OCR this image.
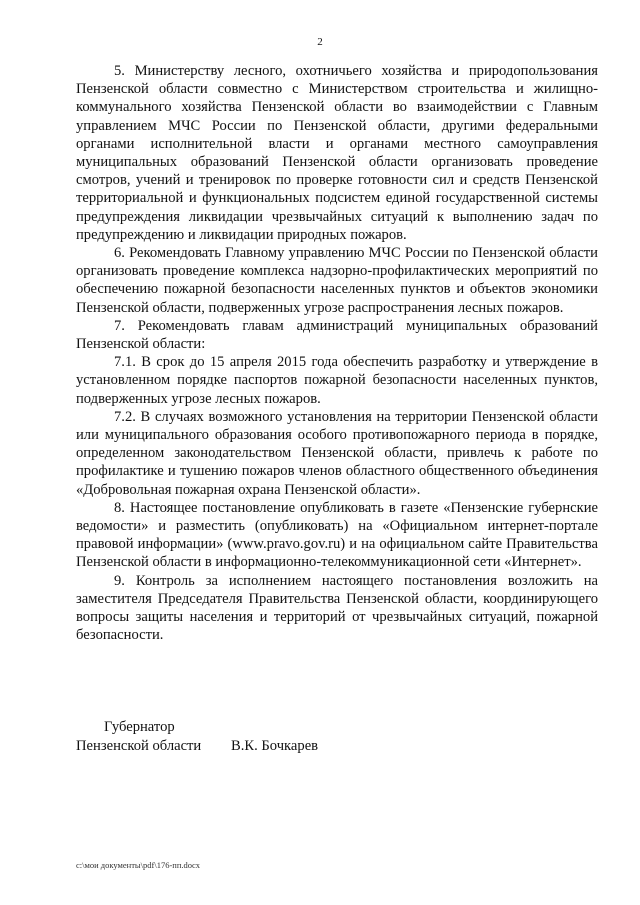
2

5. Министерству лесного, охотничьего хозяйства и природопользования Пензенской области совместно с Министерством строительства и жилищно-коммунального хозяйства Пензенской области во взаимодействии с Главным управлением МЧС России по Пензенской области, другими федеральными органами исполнительной власти и органами местного самоуправления муниципальных образований Пензенской области организовать проведение смотров, учений и тренировок по проверке готовности сил и средств Пензенской территориальной и функциональных подсистем единой государственной системы предупреждения ликвидации чрезвычайных ситуаций к выполнению задач по предупреждению и ликвидации природных пожаров.

6. Рекомендовать Главному управлению МЧС России по Пензенской области организовать проведение комплекса надзорно-профилактических мероприятий по обеспечению пожарной безопасности населенных пунктов и объектов экономики Пензенской области, подверженных угрозе распространения лесных пожаров.

7. Рекомендовать главам администраций муниципальных образований Пензенской области:

7.1. В срок до 15 апреля 2015 года обеспечить разработку и утверждение в установленном порядке паспортов пожарной безопасности населенных пунктов, подверженных угрозе лесных пожаров.

7.2. В случаях возможного установления на территории Пензенской области или муниципального образования особого противопожарного периода в порядке, определенном законодательством Пензенской области, привлечь к работе по профилактике и тушению пожаров членов областного общественного объединения «Добровольная пожарная охрана Пензенской области».

8. Настоящее постановление опубликовать в газете «Пензенские губернские ведомости» и разместить (опубликовать) на «Официальном интернет-портале правовой информации» (www.pravo.gov.ru) и на официальном сайте Правительства Пензенской области в информационно-телекоммуникационной сети «Интернет».

9. Контроль за исполнением настоящего постановления возложить на заместителя Председателя Правительства Пензенской области, координирующего вопросы защиты населения и территорий от чрезвычайных ситуаций, пожарной безопасности.

Губернатор
Пензенской области	В.К. Бочкарев
c:\мои документы\pdf\176-пп.docx
